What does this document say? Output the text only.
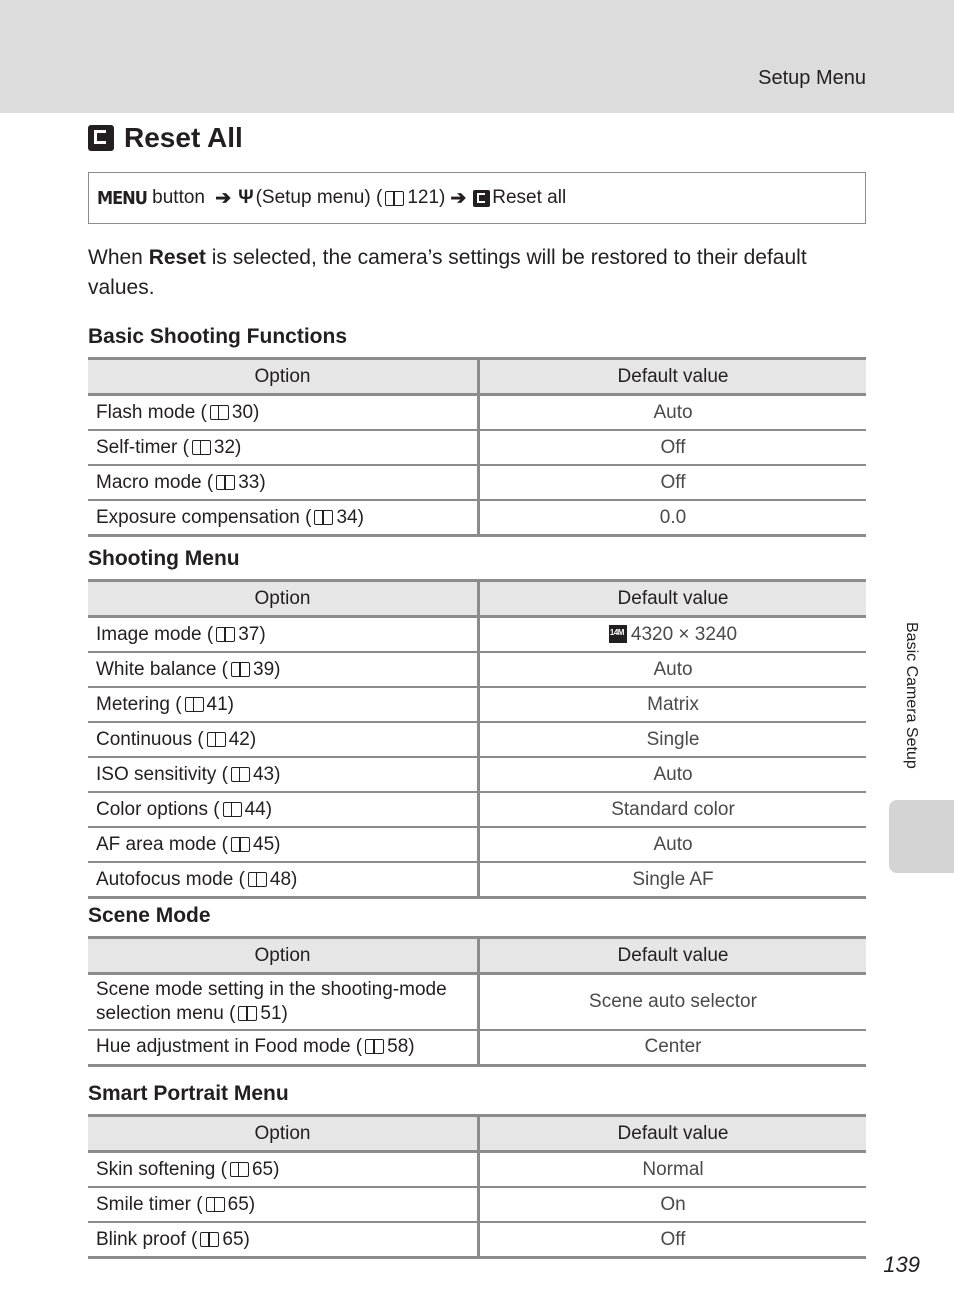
Setup Menu
Basic Camera Setup
Reset All
MENU button ➔ Ψ (Setup menu) ( 121 ) ➔ Reset all
When Reset is selected, the camera’s settings will be restored to their default values.
Basic Shooting Functions
Option	Default value
Flash mode ( 30)	Auto
Self-timer ( 32)	Off
Macro mode ( 33)	Off
Exposure compensation ( 34)	0.0
Shooting Menu
Option	Default value
Image mode ( 37)	14M4320 × 3240
White balance ( 39)	Auto
Metering ( 41)	Matrix
Continuous ( 42)	Single
ISO sensitivity ( 43)	Auto
Color options ( 44)	Standard color
AF area mode ( 45)	Auto
Autofocus mode ( 48)	Single AF
Scene Mode
Option	Default value
Scene mode setting in the shooting-mode selection menu ( 51)	Scene auto selector
Hue adjustment in Food mode ( 58)	Center
Smart Portrait Menu
Option	Default value
Skin softening ( 65)	Normal
Smile timer ( 65)	On
Blink proof ( 65)	Off
139
